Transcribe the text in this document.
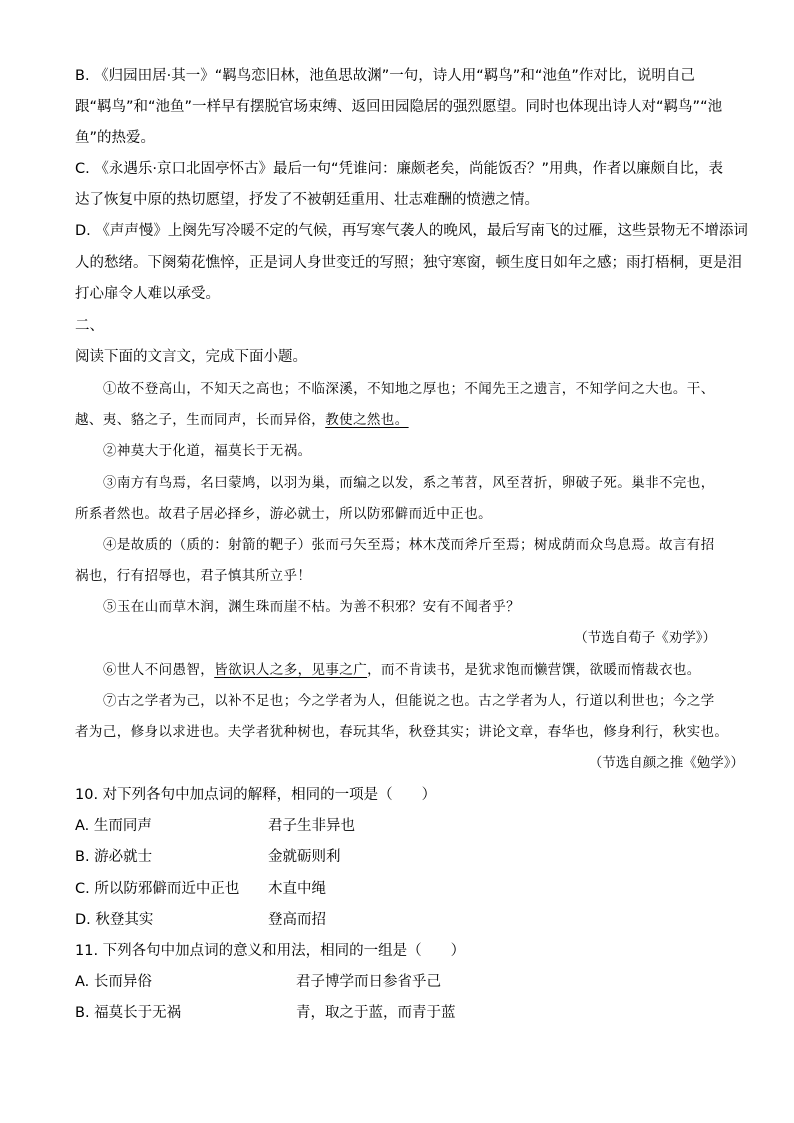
B. 《归园田居·其一》“羁鸟恋旧林，池鱼思故渊”一句，诗人用“羁鸟”和“池鱼”作对比，说明自己
跟“羁鸟”和“池鱼”一样早有摆脱官场束缚、返回田园隐居的强烈愿望。同时也体现出诗人对“羁鸟”“池
鱼”的热爱。
C. 《永遇乐·京口北固亭怀古》最后一句“凭谁问：廉颇老矣，尚能饭否？”用典，作者以廉颇自比，表
达了恢复中原的热切愿望，抒发了不被朝廷重用、壮志难酬的愤懑之情。
D. 《声声慢》上阕先写冷暖不定的气候，再写寒气袭人的晚风，最后写南飞的过雁，这些景物无不增添词
人的愁绪。下阕菊花憔悴，正是词人身世变迁的写照；独守寒窗，顿生度日如年之感；雨打梧桐，更是泪
打心扉令人难以承受。
二、
阅读下面的文言文，完成下面小题。
①故不登高山，不知天之高也；不临深溪，不知地之厚也；不闻先王之遗言，不知学问之大也。干、
越、夷、貉之子，生而同声，长而异俗，教使之然也。
②神莫大于化道，福莫长于无祸。
③南方有鸟焉，名曰蒙鸠，以羽为巢，而编之以发，系之苇苕，风至苕折，卵破子死。巢非不完也，
所系者然也。故君子居必择乡，游必就士，所以防邪僻而近中正也。
④是故质的（质的：射箭的靶子）张而弓矢至焉；林木茂而斧斤至焉；树成荫而众鸟息焉。故言有招
祸也，行有招辱也，君子慎其所立乎！
⑤玉在山而草木润，渊生珠而崖不枯。为善不积邪？安有不闻者乎？
（节选自荀子《劝学》）
⑥世人不问愚智，皆欲识人之多，见事之广，而不肯读书，是犹求饱而懒营馔，欲暖而惰裁衣也。
⑦古之学者为己，以补不足也；今之学者为人，但能说之也。古之学者为人，行道以利世也；今之学
者为己，修身以求进也。夫学者犹种树也，春玩其华，秋登其实；讲论文章，春华也，修身利行，秋实也。
（节选自颜之推《勉学》）
10. 对下列各句中加点词的解释，相同的一项是（　　）
A. 生而同声	君子生非异也
B. 游必就士	金就砺则利
C. 所以防邪僻而近中正也 木直中绳
D. 秋登其实	登高而招
11. 下列各句中加点词的意义和用法，相同的一组是（　　）
A. 长而异俗	君子博学而日参省乎己
B. 福莫长于无祸	青，取之于蓝，而青于蓝
